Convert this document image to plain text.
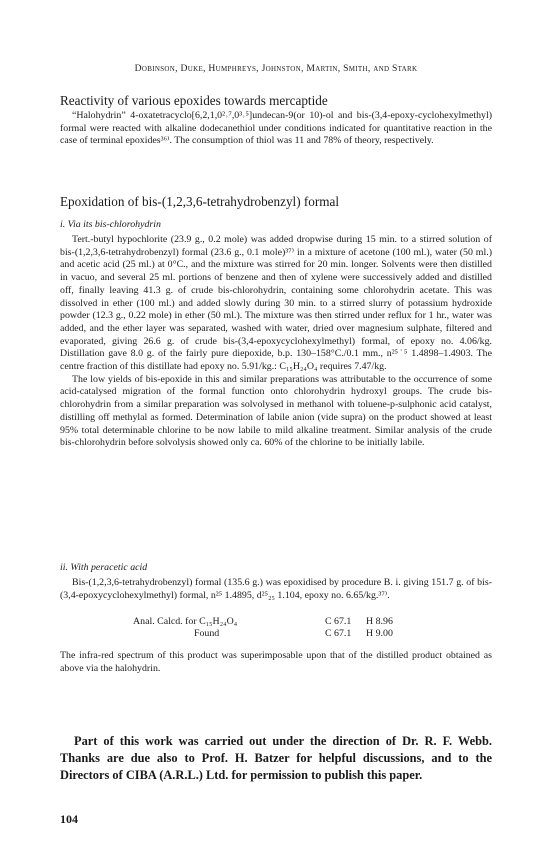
Dobinson, Duke, Humphreys, Johnston, Martin, Smith, and Stark
Reactivity of various epoxides towards mercaptide

“Halohydrin” 4-oxatetracyclo[6,2,1,0²˒⁷,0³˒⁵]undecan-9(or 10)-ol and bis-(3,4-epoxy-cyclohexylmethyl) formal were reacted with alkaline dodecanethiol under conditions indicated for quantitative reaction in the case of terminal epoxides³⁶⁾. The consumption of thiol was 11 and 78% of theory, respectively.

Epoxidation of bis-(1,2,3,6-tetrahydrobenzyl) formal
i. Via its bis-chlorohydrin

Tert.-butyl hypochlorite (23.9 g., 0.2 mole) was added dropwise during 15 min. to a stirred solution of bis-(1,2,3,6-tetrahydrobenzyl) formal (23.6 g., 0.1 mole)³⁷⁾ in a mixture of acetone (100 ml.), water (50 ml.) and acetic acid (25 ml.) at 0°C., and the mixture was stirred for 20 min. longer. Solvents were then distilled in vacuo, and several 25 ml. portions of benzene and then of xylene were successively added and distilled off, finally leaving 41.3 g. of crude bis-chlorohydrin, containing some chlorohydrin acetate. This was dissolved in ether (100 ml.) and added slowly during 30 min. to a stirred slurry of potassium hydroxide powder (12.3 g., 0.22 mole) in ether (50 ml.). The mixture was then stirred under reflux for 1 hr., water was added, and the ether layer was separated, washed with water, dried over magnesium sulphate, filtered and evaporated, giving 26.6 g. of crude bis-(3,4-epoxycyclohexylmethyl) formal, of epoxy no. 4.06/kg. Distillation gave 8.0 g. of the fairly pure diepoxide, b.p. 130–158°C./0.1 mm., n²⁵˙⁵ 1.4898–1.4903. The centre fraction of this distillate had epoxy no. 5.91/kg.: C₁₅H₂₄O₄ requires 7.47/kg.

The low yields of bis-epoxide in this and similar preparations was attributable to the occurrence of some acid-catalysed migration of the formal function onto chlorohydrin hydroxyl groups. The crude bis-chlorohydrin from a similar preparation was solvolysed in methanol with toluene-p-sulphonic acid catalyst, distilling off methylal as formed. Determination of labile anion (vide supra) on the product showed at least 95% total determinable chlorine to be now labile to mild alkaline treatment. Similar analysis of the crude bis-chlorohydrin before solvolysis showed only ca. 60% of the chlorine to be initially labile.

ii. With peracetic acid

Bis-(1,2,3,6-tetrahydrobenzyl) formal (135.6 g.) was epoxidised by procedure B. i. giving 151.7 g. of bis-(3,4-epoxycyclohexylmethyl) formal, n²⁵ 1.4895, d²⁵₂₅ 1.104, epoxy no. 6.65/kg.³⁷⁾.

Anal. Calcd. for C₁₅H₂₄O₄	C 67.1 H 8.96
Found	C 67.1 H 9.00

The infra-red spectrum of this product was superimposable upon that of the distilled product obtained as above via the halohydrin.

Part of this work was carried out under the direction of Dr. R. F. Webb. Thanks are due also to Prof. H. Batzer for helpful discussions, and to the Directors of CIBA (A.R.L.) Ltd. for permission to publish this paper.

104
